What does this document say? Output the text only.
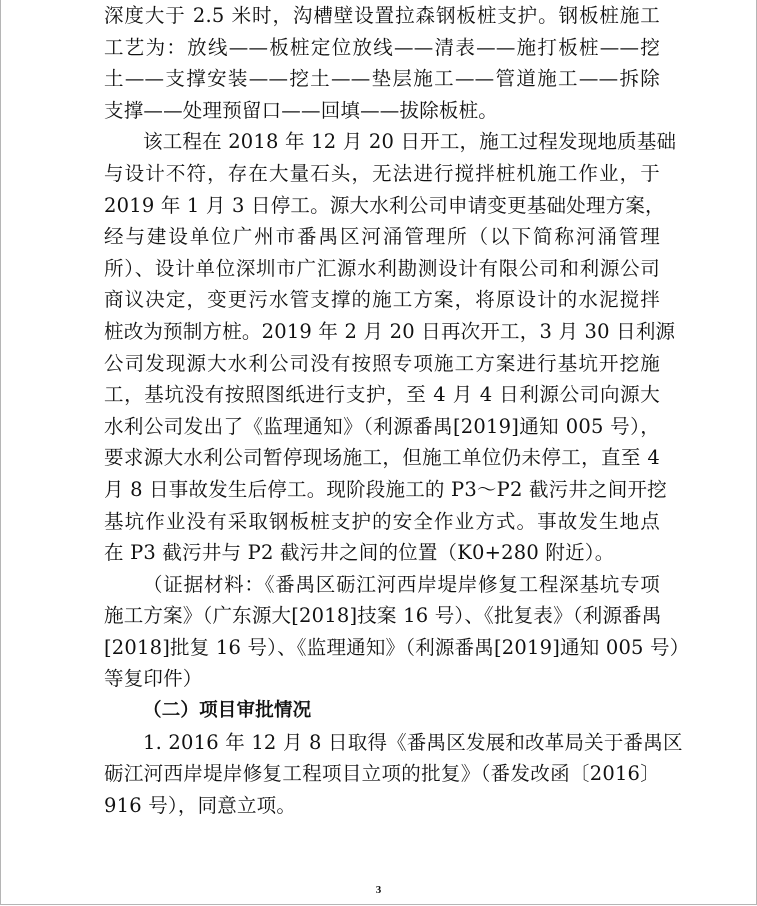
深度大于 2.5 米时，沟槽壁设置拉森钢板桩支护。钢板桩施工
工艺为：放线——板桩定位放线——清表——施打板桩——挖
土——支撑安装——挖土——垫层施工——管道施工——拆除
支撑——处理预留口——回填——拔除板桩。
该工程在 2018 年 12 月 20 日开工，施工过程发现地质基础
与设计不符，存在大量石头，无法进行搅拌桩机施工作业，于
2019 年 1 月 3 日停工。源大水利公司申请变更基础处理方案，
经与建设单位广州市番禺区河涌管理所（以下简称河涌管理
所）、设计单位深圳市广汇源水利勘测设计有限公司和利源公司
商议决定，变更污水管支撑的施工方案，将原设计的水泥搅拌
桩改为预制方桩。2019 年 2 月 20 日再次开工，3 月 30 日利源
公司发现源大水利公司没有按照专项施工方案进行基坑开挖施
工，基坑没有按照图纸进行支护，至 4 月 4 日利源公司向源大
水利公司发出了《监理通知》（利源番禺[2019]通知 005 号），
要求源大水利公司暂停现场施工，但施工单位仍未停工，直至 4
月 8 日事故发生后停工。现阶段施工的 P3～P2 截污井之间开挖
基坑作业没有采取钢板桩支护的安全作业方式。事故发生地点
在 P3 截污井与 P2 截污井之间的位置（K0+280 附近）。
（证据材料：《番禺区砺江河西岸堤岸修复工程深基坑专项
施工方案》（广东源大[2018]技案 16 号）、《批复表》（利源番禺
[2018]批复 16 号）、《监理通知》（利源番禺[2019]通知 005 号）
等复印件）
（二）项目审批情况
1. 2016 年 12 月 8 日取得《番禺区发展和改革局关于番禺区
砺江河西岸堤岸修复工程项目立项的批复》（番发改函〔2016〕
916 号），同意立项。
3
